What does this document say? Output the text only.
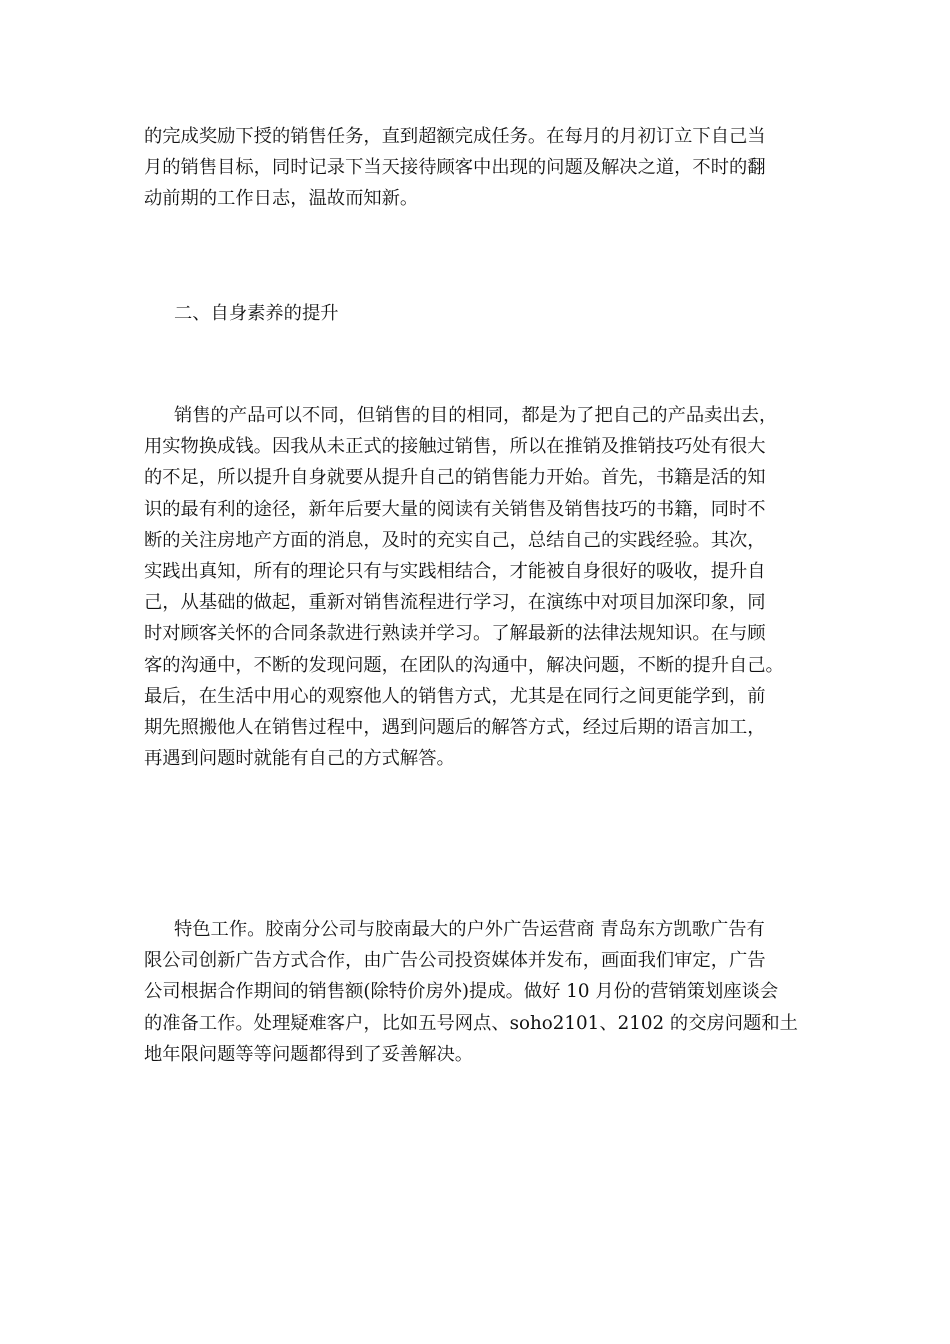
的完成奖励下授的销售任务，直到超额完成任务。在每月的月初订立下自己当
月的销售目标，同时记录下当天接待顾客中出现的问题及解决之道，不时的翻
动前期的工作日志，温故而知新。
二、自身素养的提升
销售的产品可以不同，但销售的目的相同，都是为了把自己的产品卖出去，
用实物换成钱。因我从未正式的接触过销售，所以在推销及推销技巧处有很大
的不足，所以提升自身就要从提升自己的销售能力开始。首先，书籍是活的知
识的最有利的途径，新年后要大量的阅读有关销售及销售技巧的书籍，同时不
断的关注房地产方面的消息，及时的充实自己，总结自己的实践经验。其次，
实践出真知，所有的理论只有与实践相结合，才能被自身很好的吸收，提升自
己，从基础的做起，重新对销售流程进行学习，在演练中对项目加深印象，同
时对顾客关怀的合同条款进行熟读并学习。了解最新的法律法规知识。在与顾
客的沟通中，不断的发现问题，在团队的沟通中，解决问题，不断的提升自己。
最后，在生活中用心的观察他人的销售方式，尤其是在同行之间更能学到，前
期先照搬他人在销售过程中，遇到问题后的解答方式，经过后期的语言加工，
再遇到问题时就能有自己的方式解答。
特色工作。胶南分公司与胶南最大的户外广告运营商 青岛东方凯歌广告有
限公司创新广告方式合作，由广告公司投资媒体并发布，画面我们审定，广告
公司根据合作期间的销售额(除特价房外)提成。做好 10 月份的营销策划座谈会
的准备工作。处理疑难客户，比如五号网点、soho2101、2102 的交房问题和土
地年限问题等等问题都得到了妥善解决。
